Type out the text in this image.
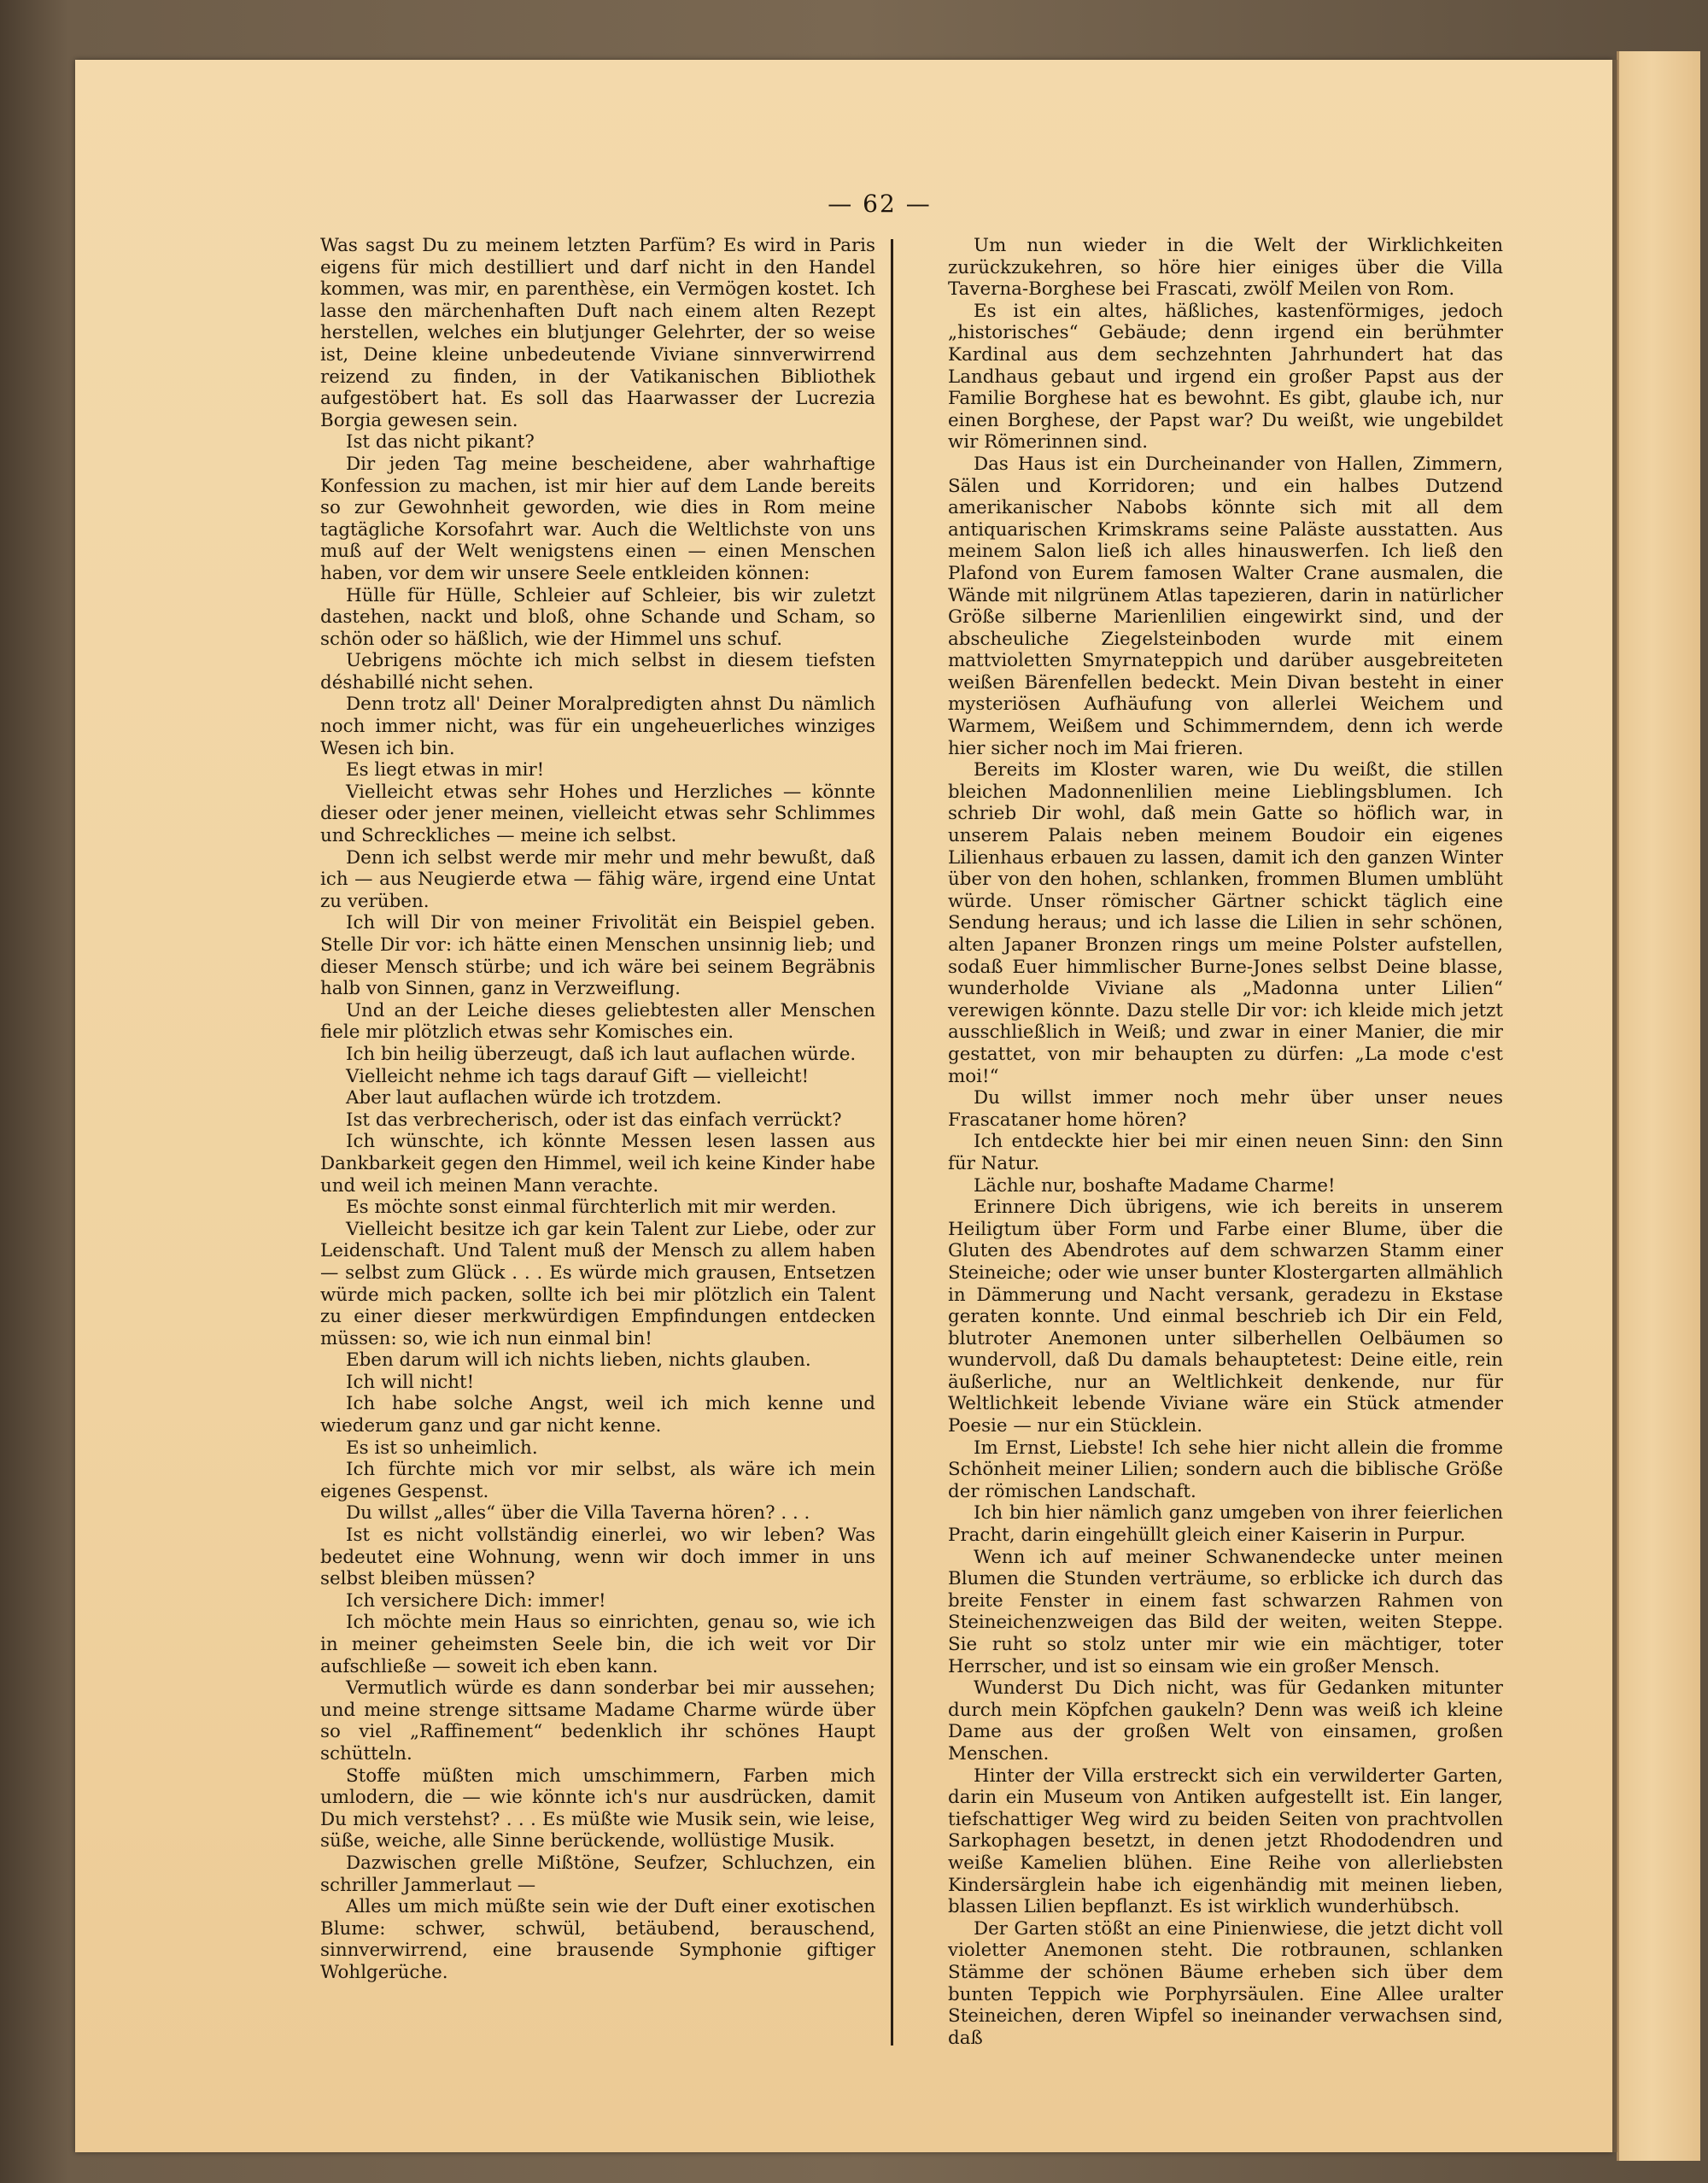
— 62 —

Was sagst Du zu meinem letzten Parfüm? Es wird in Paris eigens für mich destilliert und darf nicht in den Handel kommen, was mir, en parenthèse, ein Vermögen kostet. Ich lasse den märchenhaften Duft nach einem alten Rezept herstellen, welches ein blutjunger Gelehrter, der so weise ist, Deine kleine unbedeutende Viviane sinnverwirrend reizend zu finden, in der Vatikanischen Bibliothek aufgestöbert hat. Es soll das Haarwasser der Lucrezia Borgia gewesen sein.

Ist das nicht pikant?

Dir jeden Tag meine bescheidene, aber wahrhaftige Konfession zu machen, ist mir hier auf dem Lande bereits so zur Gewohnheit geworden, wie dies in Rom meine tagtägliche Korsofahrt war. Auch die Weltlichste von uns muß auf der Welt wenigstens einen — einen Menschen haben, vor dem wir unsere Seele entkleiden können:

Hülle für Hülle, Schleier auf Schleier, bis wir zuletzt dastehen, nackt und bloß, ohne Schande und Scham, so schön oder so häßlich, wie der Himmel uns schuf.

Uebrigens möchte ich mich selbst in diesem tiefsten déshabillé nicht sehen.

Denn trotz all' Deiner Moralpredigten ahnst Du nämlich noch immer nicht, was für ein ungeheuerliches winziges Wesen ich bin.

Es liegt etwas in mir!

Vielleicht etwas sehr Hohes und Herzliches — könnte dieser oder jener meinen, vielleicht etwas sehr Schlimmes und Schreckliches — meine ich selbst.

Denn ich selbst werde mir mehr und mehr bewußt, daß ich — aus Neugierde etwa — fähig wäre, irgend eine Untat zu verüben.

Ich will Dir von meiner Frivolität ein Beispiel geben. Stelle Dir vor: ich hätte einen Menschen unsinnig lieb; und dieser Mensch stürbe; und ich wäre bei seinem Begräbnis halb von Sinnen, ganz in Verzweiflung.

Und an der Leiche dieses geliebtesten aller Menschen fiele mir plötzlich etwas sehr Komisches ein.

Ich bin heilig überzeugt, daß ich laut auflachen würde.

Vielleicht nehme ich tags darauf Gift — vielleicht!

Aber laut auflachen würde ich trotzdem.

Ist das verbrecherisch, oder ist das einfach verrückt?

Ich wünschte, ich könnte Messen lesen lassen aus Dankbarkeit gegen den Himmel, weil ich keine Kinder habe und weil ich meinen Mann verachte.

Es möchte sonst einmal fürchterlich mit mir werden.

Vielleicht besitze ich gar kein Talent zur Liebe, oder zur Leidenschaft. Und Talent muß der Mensch zu allem haben — selbst zum Glück . . . Es würde mich grausen, Entsetzen würde mich packen, sollte ich bei mir plötzlich ein Talent zu einer dieser merkwürdigen Empfindungen entdecken müssen: so, wie ich nun einmal bin!

Eben darum will ich nichts lieben, nichts glauben.

Ich will nicht!

Ich habe solche Angst, weil ich mich kenne und wiederum ganz und gar nicht kenne.

Es ist so unheimlich.

Ich fürchte mich vor mir selbst, als wäre ich mein eigenes Gespenst.

Du willst „alles“ über die Villa Taverna hören? . . .

Ist es nicht vollständig einerlei, wo wir leben? Was bedeutet eine Wohnung, wenn wir doch immer in uns selbst bleiben müssen?

Ich versichere Dich: immer!

Ich möchte mein Haus so einrichten, genau so, wie ich in meiner geheimsten Seele bin, die ich weit vor Dir aufschließe — soweit ich eben kann.

Vermutlich würde es dann sonderbar bei mir aussehen; und meine strenge sittsame Madame Charme würde über so viel „Raffinement“ bedenklich ihr schönes Haupt schütteln.

Stoffe müßten mich umschimmern, Farben mich umlodern, die — wie könnte ich's nur ausdrücken, damit Du mich verstehst? . . . Es müßte wie Musik sein, wie leise, süße, weiche, alle Sinne berückende, wollüstige Musik.

Dazwischen grelle Mißtöne, Seufzer, Schluchzen, ein schriller Jammerlaut —

Alles um mich müßte sein wie der Duft einer exotischen Blume: schwer, schwül, betäubend, berauschend, sinnverwirrend, eine brausende Symphonie giftiger Wohlgerüche.

Um nun wieder in die Welt der Wirklichkeiten zurückzukehren, so höre hier einiges über die Villa Taverna-Borghese bei Frascati, zwölf Meilen von Rom.

Es ist ein altes, häßliches, kastenförmiges, jedoch „historisches“ Gebäude; denn irgend ein berühmter Kardinal aus dem sechzehnten Jahrhundert hat das Landhaus gebaut und irgend ein großer Papst aus der Familie Borghese hat es bewohnt. Es gibt, glaube ich, nur einen Borghese, der Papst war? Du weißt, wie ungebildet wir Römerinnen sind.

Das Haus ist ein Durcheinander von Hallen, Zimmern, Sälen und Korridoren; und ein halbes Dutzend amerikanischer Nabobs könnte sich mit all dem antiquarischen Krimskrams seine Paläste ausstatten. Aus meinem Salon ließ ich alles hinauswerfen. Ich ließ den Plafond von Eurem famosen Walter Crane ausmalen, die Wände mit nilgrünem Atlas tapezieren, darin in natürlicher Größe silberne Marienlilien eingewirkt sind, und der abscheuliche Ziegelsteinboden wurde mit einem mattvioletten Smyrnateppich und darüber ausgebreiteten weißen Bärenfellen bedeckt. Mein Divan besteht in einer mysteriösen Aufhäufung von allerlei Weichem und Warmem, Weißem und Schimmerndem, denn ich werde hier sicher noch im Mai frieren.

Bereits im Kloster waren, wie Du weißt, die stillen bleichen Madonnenlilien meine Lieblingsblumen. Ich schrieb Dir wohl, daß mein Gatte so höflich war, in unserem Palais neben meinem Boudoir ein eigenes Lilienhaus erbauen zu lassen, damit ich den ganzen Winter über von den hohen, schlanken, frommen Blumen umblüht würde. Unser römischer Gärtner schickt täglich eine Sendung heraus; und ich lasse die Lilien in sehr schönen, alten Japaner Bronzen rings um meine Polster aufstellen, sodaß Euer himmlischer Burne-Jones selbst Deine blasse, wunderholde Viviane als „Madonna unter Lilien“ verewigen könnte. Dazu stelle Dir vor: ich kleide mich jetzt ausschließlich in Weiß; und zwar in einer Manier, die mir gestattet, von mir behaupten zu dürfen: „La mode c'est moi!“

Du willst immer noch mehr über unser neues Frascataner home hören?

Ich entdeckte hier bei mir einen neuen Sinn: den Sinn für Natur.

Lächle nur, boshafte Madame Charme!

Erinnere Dich übrigens, wie ich bereits in unserem Heiligtum über Form und Farbe einer Blume, über die Gluten des Abendrotes auf dem schwarzen Stamm einer Steineiche; oder wie unser bunter Klostergarten allmählich in Dämmerung und Nacht versank, geradezu in Ekstase geraten konnte. Und einmal beschrieb ich Dir ein Feld, blutroter Anemonen unter silberhellen Oelbäumen so wundervoll, daß Du damals behauptetest: Deine eitle, rein äußerliche, nur an Weltlichkeit denkende, nur für Weltlichkeit lebende Viviane wäre ein Stück atmender Poesie — nur ein Stücklein.

Im Ernst, Liebste! Ich sehe hier nicht allein die fromme Schönheit meiner Lilien; sondern auch die biblische Größe der römischen Landschaft.

Ich bin hier nämlich ganz umgeben von ihrer feierlichen Pracht, darin eingehüllt gleich einer Kaiserin in Purpur.

Wenn ich auf meiner Schwanendecke unter meinen Blumen die Stunden verträume, so erblicke ich durch das breite Fenster in einem fast schwarzen Rahmen von Steineichenzweigen das Bild der weiten, weiten Steppe. Sie ruht so stolz unter mir wie ein mächtiger, toter Herrscher, und ist so einsam wie ein großer Mensch.

Wunderst Du Dich nicht, was für Gedanken mitunter durch mein Köpfchen gaukeln? Denn was weiß ich kleine Dame aus der großen Welt von einsamen, großen Menschen.

Hinter der Villa erstreckt sich ein verwilderter Garten, darin ein Museum von Antiken aufgestellt ist. Ein langer, tiefschattiger Weg wird zu beiden Seiten von prachtvollen Sarkophagen besetzt, in denen jetzt Rhododendren und weiße Kamelien blühen. Eine Reihe von allerliebsten Kindersärglein habe ich eigenhändig mit meinen lieben, blassen Lilien bepflanzt. Es ist wirklich wunderhübsch.

Der Garten stößt an eine Pinienwiese, die jetzt dicht voll violetter Anemonen steht. Die rotbraunen, schlanken Stämme der schönen Bäume erheben sich über dem bunten Teppich wie Porphyrsäulen. Eine Allee uralter Steineichen, deren Wipfel so ineinander verwachsen sind, daß
